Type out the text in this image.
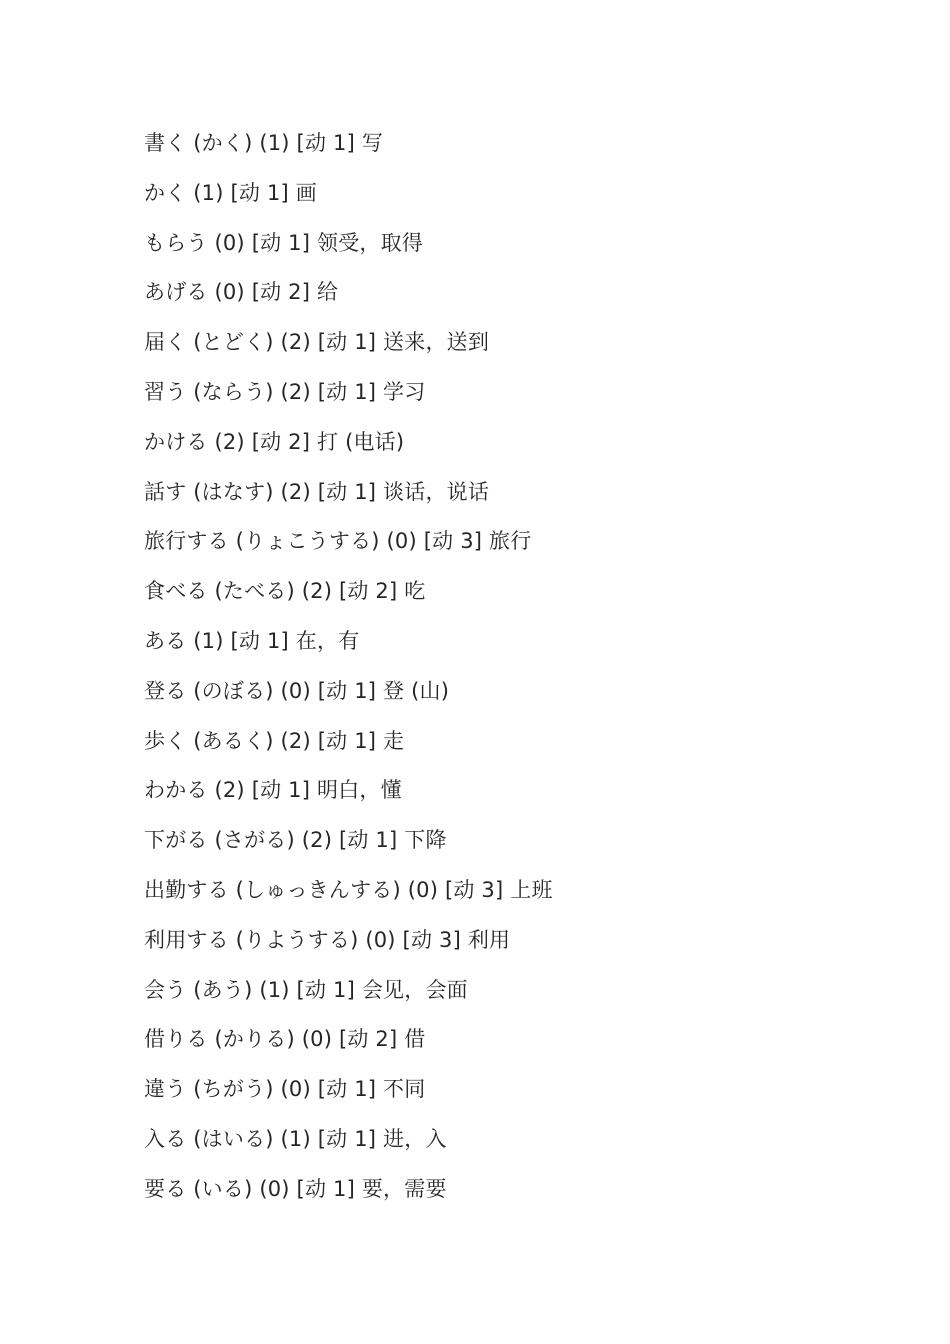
書く (かく) (1) [动 1] 写
かく (1) [动 1] 画
もらう (0) [动 1] 领受，取得
あげる (0) [动 2] 给
届く (とどく) (2) [动 1] 送来，送到
習う (ならう) (2) [动 1] 学习
かける (2) [动 2] 打 (电话)
話す (はなす) (2) [动 1] 谈话，说话
旅行する (りょこうする) (0) [动 3] 旅行
食べる (たべる) (2) [动 2] 吃
ある (1) [动 1] 在，有
登る (のぼる) (0) [动 1] 登 (山)
歩く (あるく) (2) [动 1] 走
わかる (2) [动 1] 明白，懂
下がる (さがる) (2) [动 1] 下降
出勤する (しゅっきんする) (0) [动 3] 上班
利用する (りようする) (0) [动 3] 利用
会う (あう) (1) [动 1] 会见，会面
借りる (かりる) (0) [动 2] 借
違う (ちがう) (0) [动 1] 不同
入る (はいる) (1) [动 1] 进，入
要る (いる) (0) [动 1] 要，需要
